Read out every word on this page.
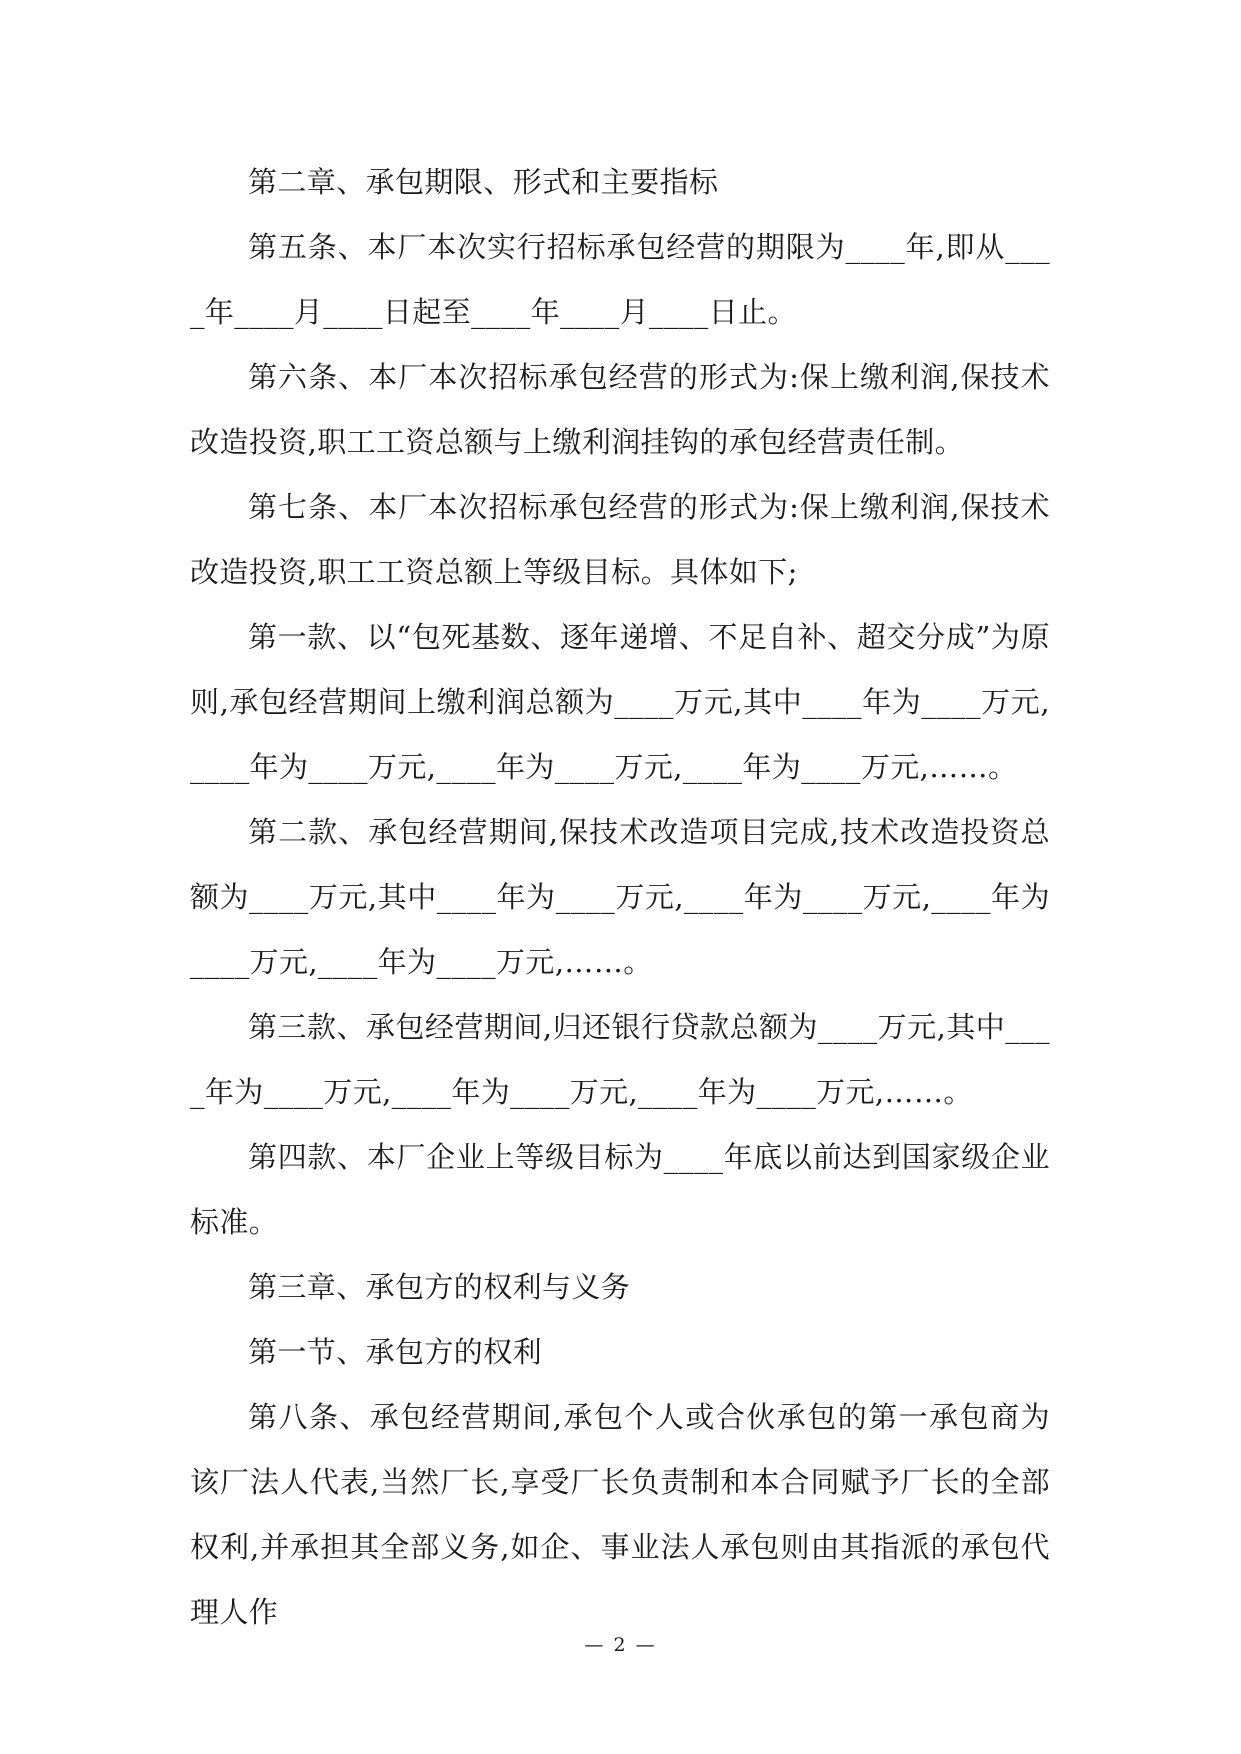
第二章、承包期限、形式和主要指标

第五条、本厂本次实行招标承包经营的期限为____年,即从____年____月____日起至____年____月____日止。

第六条、本厂本次招标承包经营的形式为:保上缴利润,保技术改造投资,职工工资总额与上缴利润挂钩的承包经营责任制。

第七条、本厂本次招标承包经营的形式为:保上缴利润,保技术改造投资,职工工资总额上等级目标。具体如下;

第一款、以“包死基数、逐年递增、不足自补、超交分成”为原则,承包经营期间上缴利润总额为____万元,其中____年为____万元,____年为____万元,____年为____万元,____年为____万元,……。

第二款、承包经营期间,保技术改造项目完成,技术改造投资总额为____万元,其中____年为____万元,____年为____万元,____年为____万元,____年为____万元,……。

第三款、承包经营期间,归还银行贷款总额为____万元,其中____年为____万元,____年为____万元,____年为____万元,……。

第四款、本厂企业上等级目标为____年底以前达到国家级企业标准。

第三章、承包方的权利与义务

第一节、承包方的权利

第八条、承包经营期间,承包个人或合伙承包的第一承包商为该厂法人代表,当然厂长,享受厂长负责制和本合同赋予厂长的全部权利,并承担其全部义务,如企、事业法人承包则由其指派的承包代理人作

— 2 —
